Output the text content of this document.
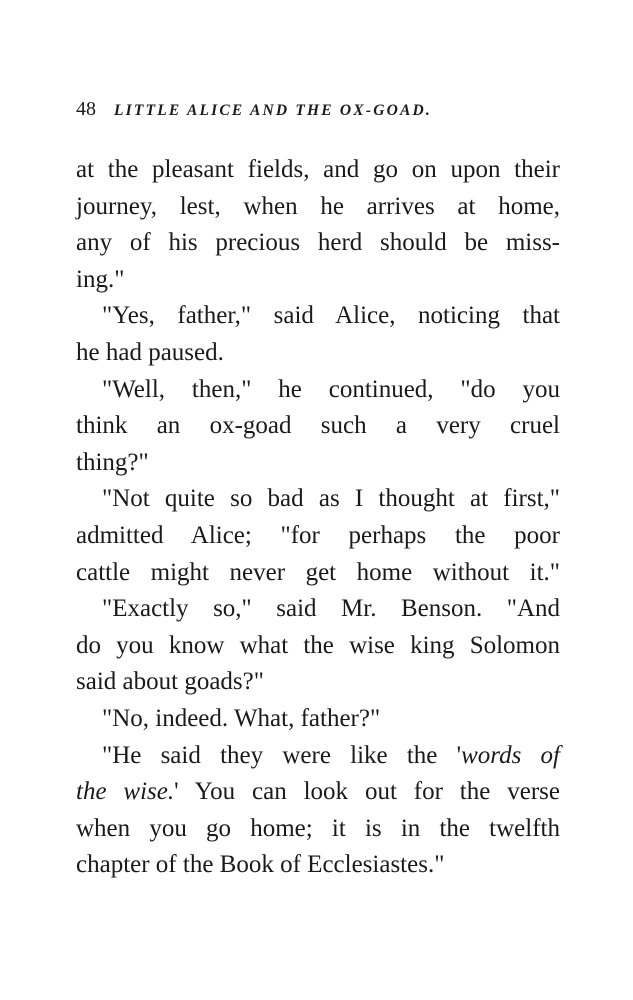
48 LITTLE ALICE AND THE OX-GOAD.
at the pleasant fields, and go on upon their
journey, lest, when he arrives at home,
any of his precious herd should be miss-
ing."
"Yes, father," said Alice, noticing that
he had paused.
"Well, then," he continued, "do you
think an ox-goad such a very cruel
thing?"
"Not quite so bad as I thought at first,"
admitted Alice; "for perhaps the poor
cattle might never get home without it."
"Exactly so," said Mr. Benson. "And
do you know what the wise king Solomon
said about goads?"
"No, indeed. What, father?"
"He said they were like the 'words of
the wise.' You can look out for the verse
when you go home; it is in the twelfth
chapter of the Book of Ecclesiastes."
